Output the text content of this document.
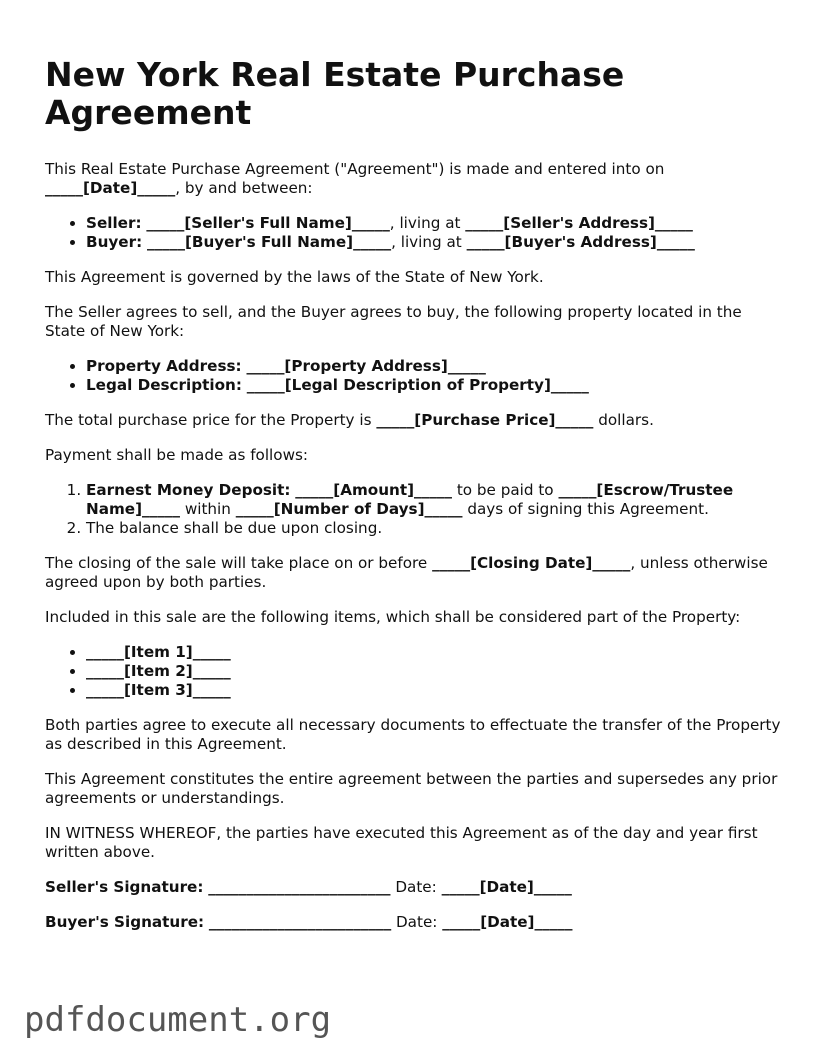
New York Real Estate Purchase Agreement

This Real Estate Purchase Agreement ("Agreement") is made and entered into on _____[Date]_____, by and between:

• Seller: _____[Seller's Full Name]_____, living at _____[Seller's Address]_____
• Buyer: _____[Buyer's Full Name]_____, living at _____[Buyer's Address]_____

This Agreement is governed by the laws of the State of New York.

The Seller agrees to sell, and the Buyer agrees to buy, the following property located in the State of New York:

• Property Address: _____[Property Address]_____
• Legal Description: _____[Legal Description of Property]_____

The total purchase price for the Property is _____[Purchase Price]_____ dollars.

Payment shall be made as follows:

1. Earnest Money Deposit: _____[Amount]_____ to be paid to _____[Escrow/Trustee Name]_____ within _____[Number of Days]_____ days of signing this Agreement.
2. The balance shall be due upon closing.

The closing of the sale will take place on or before _____[Closing Date]_____, unless otherwise agreed upon by both parties.

Included in this sale are the following items, which shall be considered part of the Property:

• _____[Item 1]_____
• _____[Item 2]_____
• _____[Item 3]_____

Both parties agree to execute all necessary documents to effectuate the transfer of the Property as described in this Agreement.

This Agreement constitutes the entire agreement between the parties and supersedes any prior agreements or understandings.

IN WITNESS WHEREOF, the parties have executed this Agreement as of the day and year first written above.

Seller's Signature: ________________________ Date: _____[Date]_____

Buyer's Signature: ________________________ Date: _____[Date]_____

pdfdocument.org
